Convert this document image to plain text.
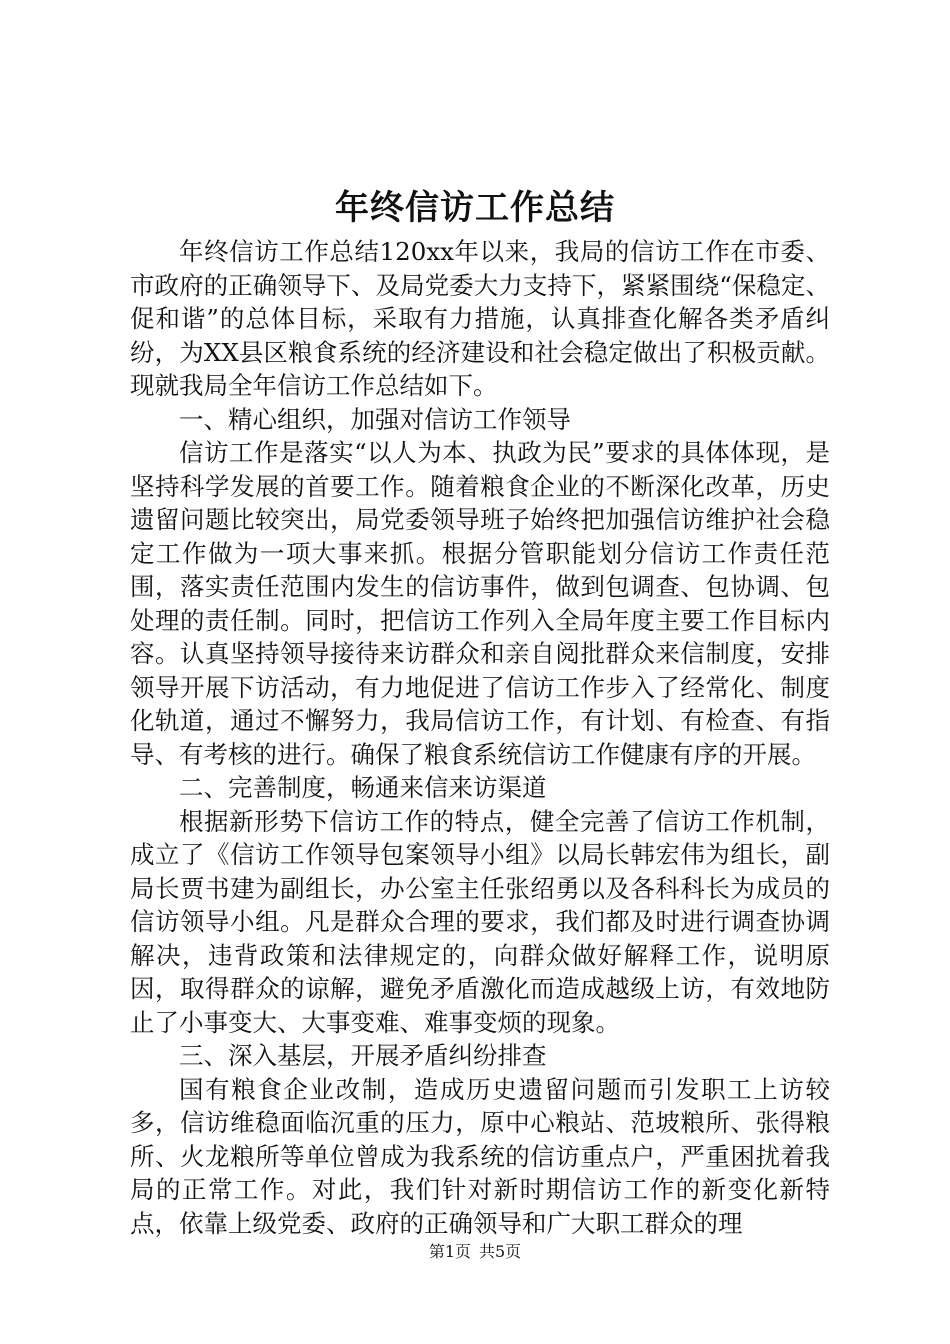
年终信访工作总结

年终信访工作总结120xx年以来，我局的信访工作在市委、市政府的正确领导下、及局党委大力支持下，紧紧围绕“保稳定、促和谐”的总体目标，采取有力措施，认真排查化解各类矛盾纠纷，为XX县区粮食系统的经济建设和社会稳定做出了积极贡献。现就我局全年信访工作总结如下。

一、精心组织，加强对信访工作领导

信访工作是落实“以人为本、执政为民”要求的具体体现，是坚持科学发展的首要工作。随着粮食企业的不断深化改革，历史遗留问题比较突出，局党委领导班子始终把加强信访维护社会稳定工作做为一项大事来抓。根据分管职能划分信访工作责任范围，落实责任范围内发生的信访事件，做到包调查、包协调、包处理的责任制。同时，把信访工作列入全局年度主要工作目标内容。认真坚持领导接待来访群众和亲自阅批群众来信制度，安排领导开展下访活动，有力地促进了信访工作步入了经常化、制度化轨道，通过不懈努力，我局信访工作，有计划、有检查、有指导、有考核的进行。确保了粮食系统信访工作健康有序的开展。

二、完善制度，畅通来信来访渠道

根据新形势下信访工作的特点，健全完善了信访工作机制，成立了《信访工作领导包案领导小组》以局长韩宏伟为组长，副局长贾书建为副组长，办公室主任张绍勇以及各科科长为成员的信访领导小组。凡是群众合理的要求，我们都及时进行调查协调解决，违背政策和法律规定的，向群众做好解释工作，说明原因，取得群众的谅解，避免矛盾激化而造成越级上访，有效地防止了小事变大、大事变难、难事变烦的现象。

三、深入基层，开展矛盾纠纷排查

国有粮食企业改制，造成历史遗留问题而引发职工上访较多，信访维稳面临沉重的压力，原中心粮站、范坡粮所、张得粮所、火龙粮所等单位曾成为我系统的信访重点户，严重困扰着我局的正常工作。对此，我们针对新时期信访工作的新变化新特点，依靠上级党委、政府的正确领导和广大职工群众的理

第1页 共5页
